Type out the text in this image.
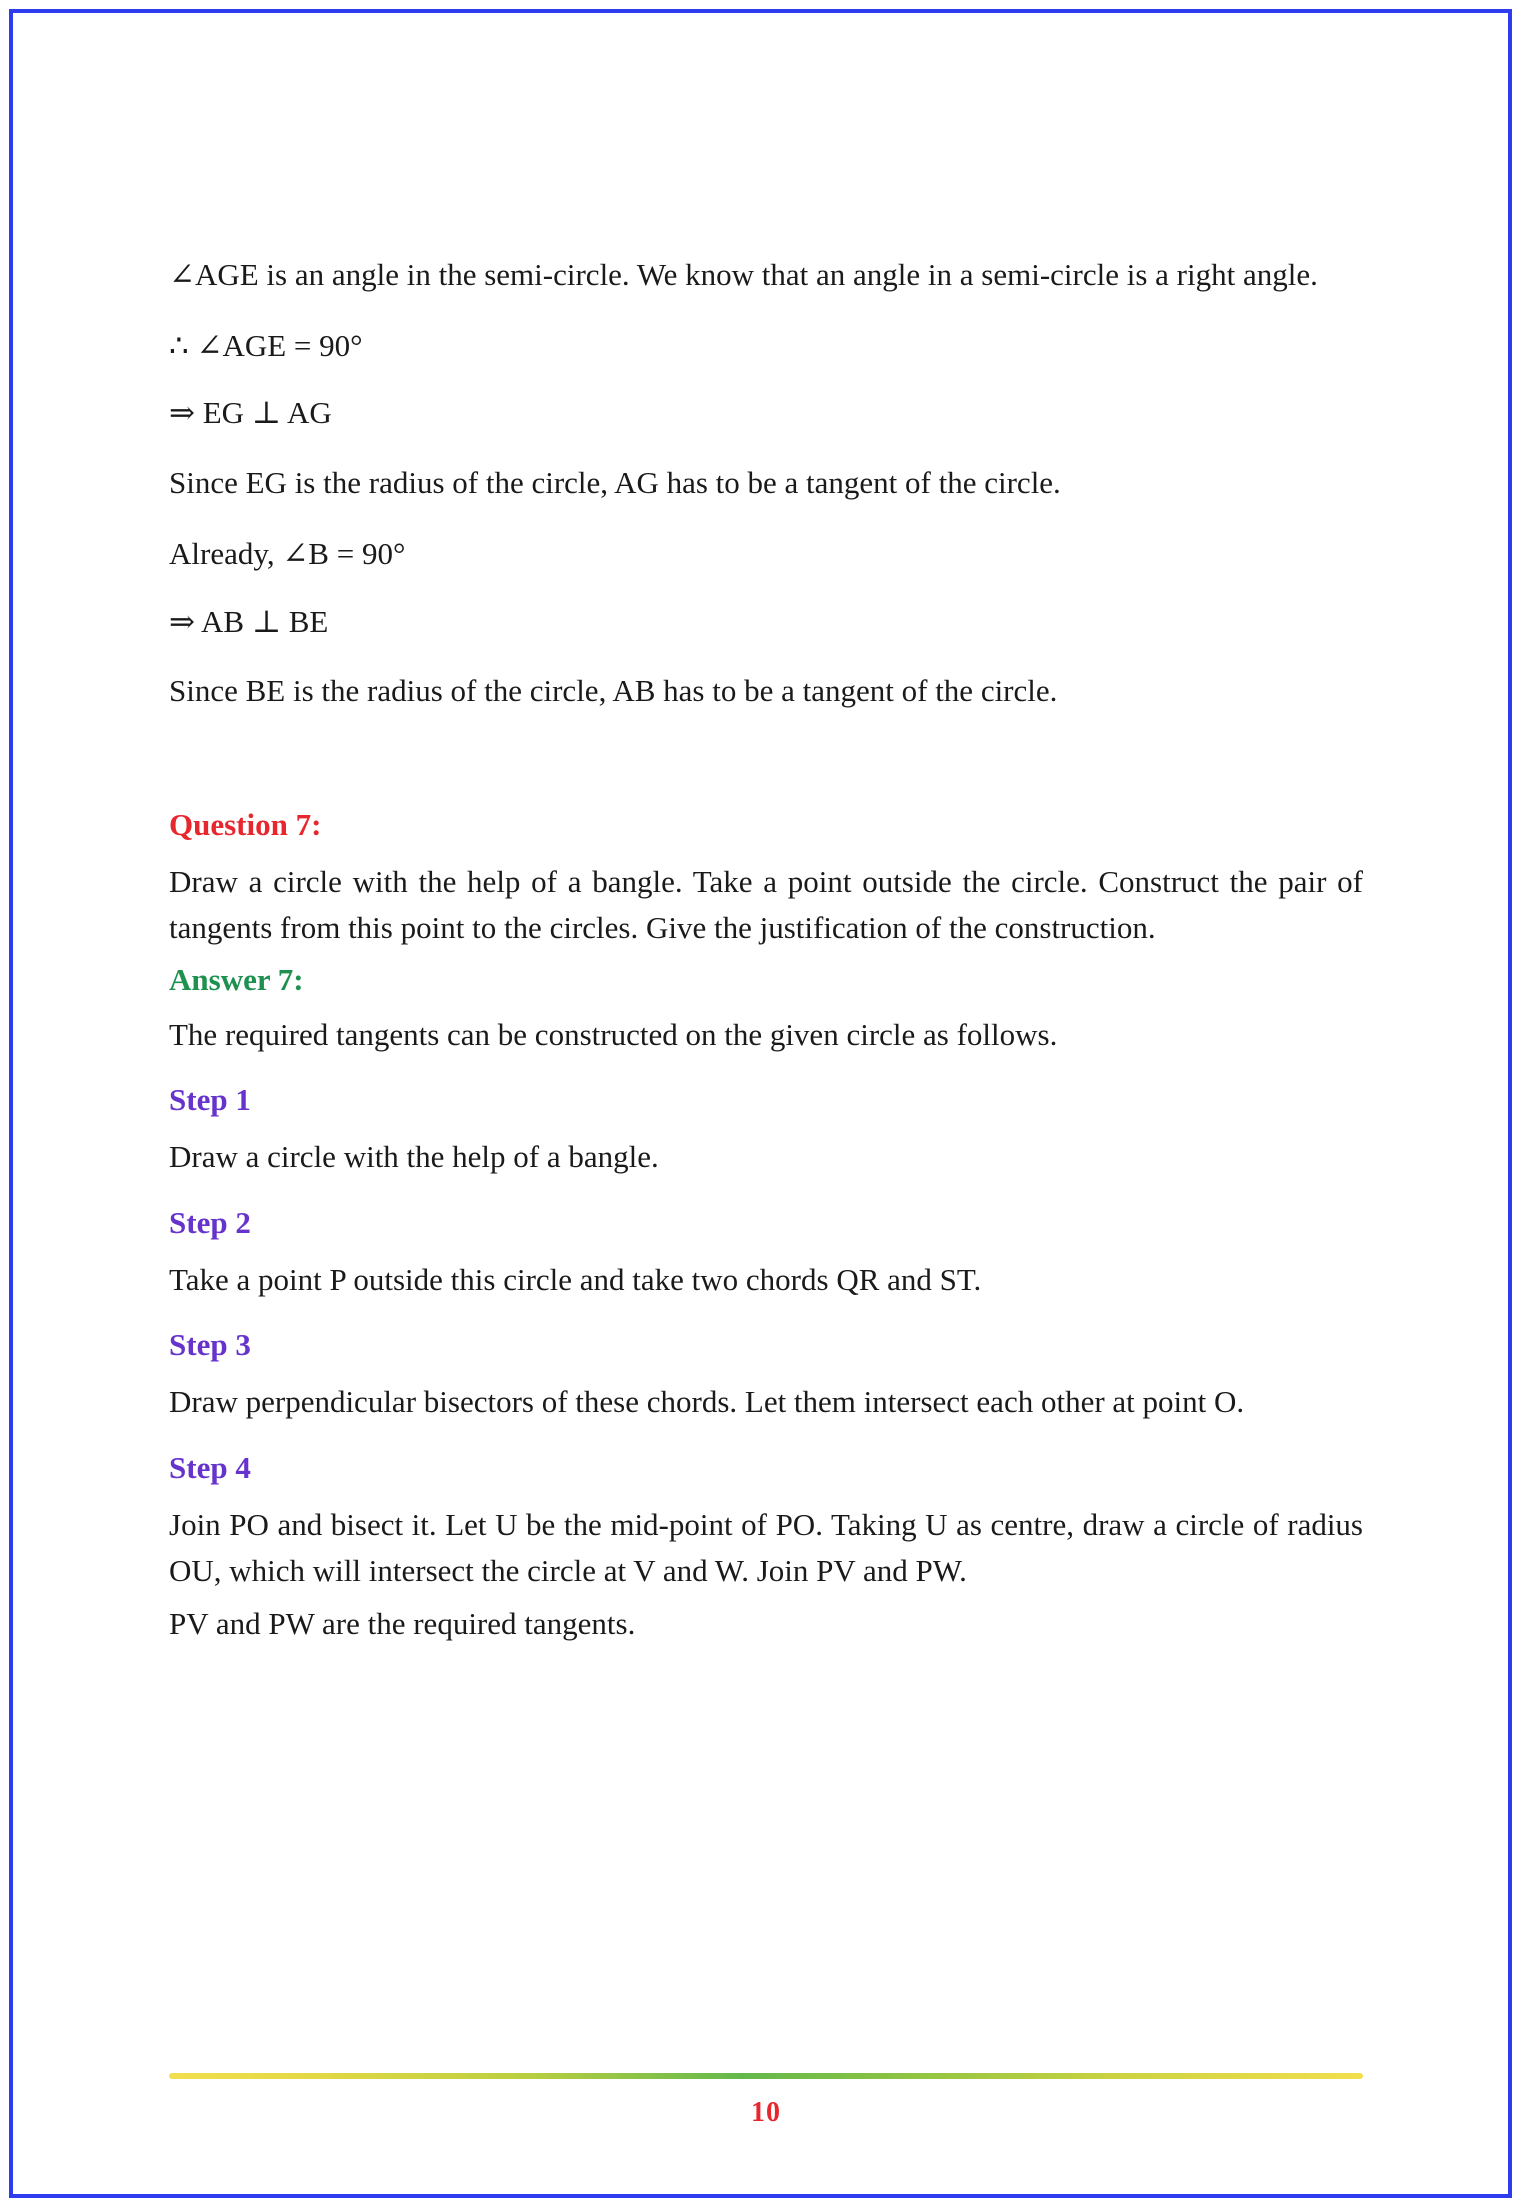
∠AGE is an angle in the semi-circle. We know that an angle in a semi-circle is a right angle.

∴ ∠AGE = 90°

⇒ EG ⊥ AG

Since EG is the radius of the circle, AG has to be a tangent of the circle.

Already, ∠B = 90°

⇒ AB ⊥ BE

Since BE is the radius of the circle, AB has to be a tangent of the circle.

Question 7:

Draw a circle with the help of a bangle. Take a point outside the circle. Construct the pair of tangents from this point to the circles. Give the justification of the construction.

Answer 7:

The required tangents can be constructed on the given circle as follows.

Step 1

Draw a circle with the help of a bangle.

Step 2

Take a point P outside this circle and take two chords QR and ST.

Step 3

Draw perpendicular bisectors of these chords. Let them intersect each other at point O.

Step 4

Join PO and bisect it. Let U be the mid-point of PO. Taking U as centre, draw a circle of radius OU, which will intersect the circle at V and W. Join PV and PW.

PV and PW are the required tangents.

10
